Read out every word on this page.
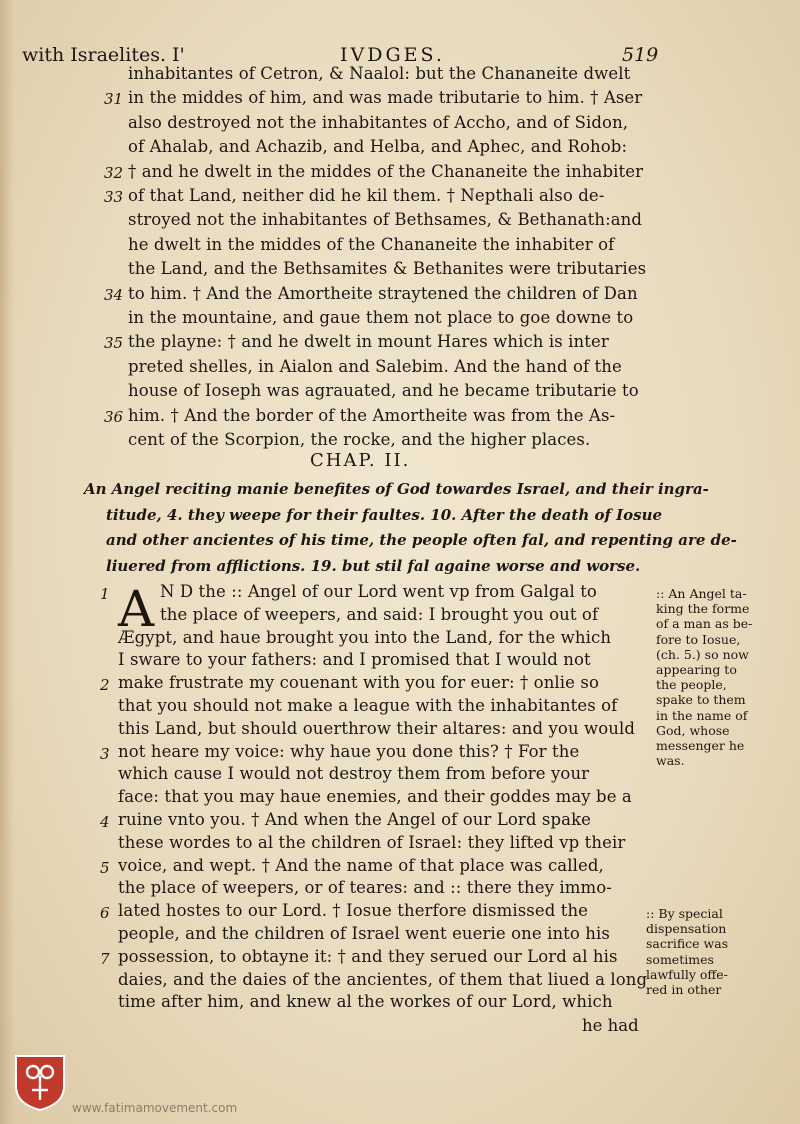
with Israelites. I'	IVDGES.	519
inhabitantes of Cetron, & Naalol: but the Chananeite dwelt
in the middes of him, and was made tributarie to him. † Aser
also destroyed not the inhabitantes of Accho, and of Sidon,
of Ahalab, and Achazib, and Helba, and Aphec, and Rohob:
† and he dwelt in the middes of the Chananeite the inhabiter
of that Land, neither did he kil them. † Nepthali also de-
stroyed not the inhabitantes of Bethsames, & Bethanath:and
he dwelt in the middes of the Chananeite the inhabiter of
the Land, and the Bethsamites & Bethanites were tributaries
to him. † And the Amortheite straytened the children of Dan
in the mountaine, and gaue them not place to goe downe to
the playne: † and he dwelt in mount Hares which is inter
preted shelles, in Aialon and Salebim. And the hand of the
house of Ioseph was agrauated, and he became tributarie to
him. † And the border of the Amortheite was from the As-
cent of the Scorpion, the rocke, and the higher places.
31
32
33
34
35
36
CHAP. II.
An Angel reciting manie benefites of God towardes Israel, and their ingra-
titude, 4. they weepe for their faultes. 10. After the death of Iosue
and other ancientes of his time, the people often fal, and repenting are de-
liuered from afflictions. 19. but stil fal againe worse and worse.
A N D the :: Angel of our Lord went vp from Galgal to
the place of weepers, and said: I brought you out of
Ægypt, and haue brought you into the Land, for the which
I sware to your fathers: and I promised that I would not
make frustrate my couenant with you for euer: † onlie so
that you should not make a league with the inhabitantes of
this Land, but should ouerthrow their altares: and you would
not heare my voice: why haue you done this? † For the
which cause I would not destroy them from before your
face: that you may haue enemies, and their goddes may be a
ruine vnto you. † And when the Angel of our Lord spake
these wordes to al the children of Israel: they lifted vp their
voice, and wept. † And the name of that place was called,
the place of weepers, or of teares: and :: there they immo-
lated hostes to our Lord. † Iosue therfore dismissed the
people, and the children of Israel went euerie one into his
possession, to obtayne it: † and they serued our Lord al his
daies, and the daies of the ancientes, of them that liued a long
time after him, and knew al the workes of our Lord, which
1
2
3
4
5
6
7
he had
:: An Angel ta-
king the forme
of a man as be-
fore to Iosue,
(ch. 5.) so now
appearing to
the people,
spake to them
in the name of
God, whose
messenger he
was.
:: By special
dispensation
sacrifice was
sometimes
lawfully offe-
red in other
www.fatimamovement.com
